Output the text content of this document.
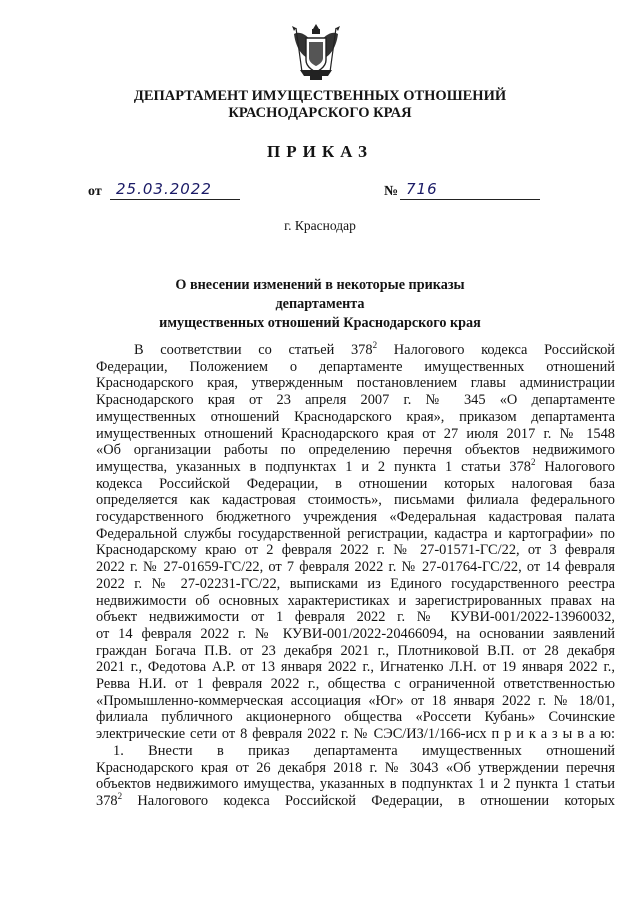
ДЕПАРТАМЕНТ ИМУЩЕСТВЕННЫХ ОТНОШЕНИЙ
КРАСНОДАРСКОГО КРАЯ
ПРИКАЗ
от 25.03.2022	№ 716
г. Краснодар
О внесении изменений в некоторые приказы департамента
имущественных отношений Краснодарского края
В соответствии со статьей $378^2$ Налогового кодекса Российской
Федерации, Положением о департаменте имущественных отношений
Краснодарского края, утвержденным постановлением главы администрации
Краснодарского края от 23 апреля 2007 г. № 345 «О департаменте
имущественных отношений Краснодарского края», приказом департамента
имущественных отношений Краснодарского края от 27 июля 2017 г. № 1548
«Об организации работы по определению перечня объектов недвижимого
имущества, указанных в подпунктах 1 и 2 пункта 1 статьи $378^2$ Налогового
кодекса Российской Федерации, в отношении которых налоговая база
определяется как кадастровая стоимость», письмами филиала федерального
государственного бюджетного учреждения «Федеральная кадастровая палата
Федеральной службы государственной регистрации, кадастра и картографии» по
Краснодарскому краю от 2 февраля 2022 г. № 27-01571-ГС/22, от 3 февраля
2022 г. № 27-01659-ГС/22, от 7 февраля 2022 г. № 27-01764-ГС/22, от 14 февраля
2022 г. № 27-02231-ГС/22, выписками из Единого государственного реестра
недвижимости об основных характеристиках и зарегистрированных правах на
объект недвижимости от 1 февраля 2022 г. № КУВИ-001/2022-13960032,
от 14 февраля 2022 г. № КУВИ-001/2022-20466094, на основании заявлений
граждан Богача П.В. от 23 декабря 2021 г., Плотниковой В.П. от 28 декабря
2021 г., Федотова А.Р. от 13 января 2022 г., Игнатенко Л.Н. от 19 января 2022 г.,
Ревва Н.И. от 1 февраля 2022 г., общества с ограниченной ответственностью
«Промышленно-коммерческая ассоциация «Юг» от 18 января 2022 г. № 18/01,
филиала публичного акционерного общества «Россети Кубань» Сочинские
электрические сети от 8 февраля 2022 г. № СЭС/ИЗ/1/166-исх п р и к а з ы в а ю:
1. Внести в приказ департамента имущественных отношений
Краснодарского края от 26 декабря 2018 г. № 3043 «Об утверждении перечня
объектов недвижимого имущества, указанных в подпунктах 1 и 2 пункта 1 статьи
$378^2$ Налогового кодекса Российской Федерации, в отношении которых
